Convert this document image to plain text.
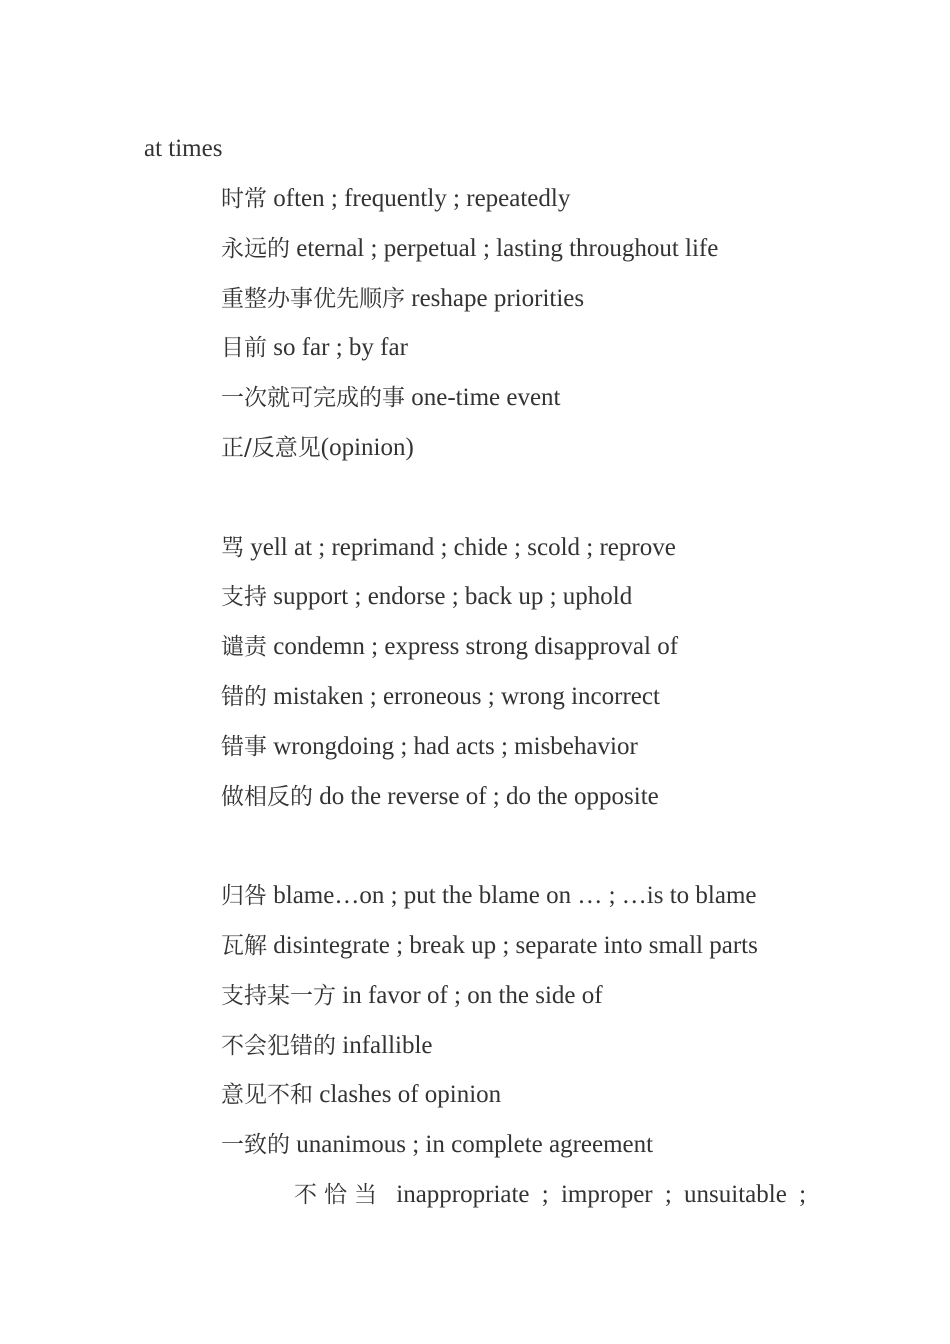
at times
时常 often ; frequently ; repeatedly
永远的 eternal ; perpetual ; lasting throughout life
重整办事优先顺序 reshape priorities
目前 so far ; by far
一次就可完成的事 one-time event
正/反意见(opinion)
骂 yell at ; reprimand ; chide ; scold ; reprove
支持 support ; endorse ; back up ; uphold
谴责 condemn ; express strong disapproval of
错的 mistaken ; erroneous ; wrong incorrect
错事 wrongdoing ; had acts ; misbehavior
做相反的 do the reverse of ; do the opposite
归咎 blame…on ; put the blame on … ; …is to blame
瓦解 disintegrate ; break up ; separate into small parts
支持某一方 in favor of ; on the side of
不会犯错的 infallible
意见不和 clashes of opinion
一致的 unanimous ; in complete agreement
不恰当 inappropriate ; improper ; unsuitable ;
